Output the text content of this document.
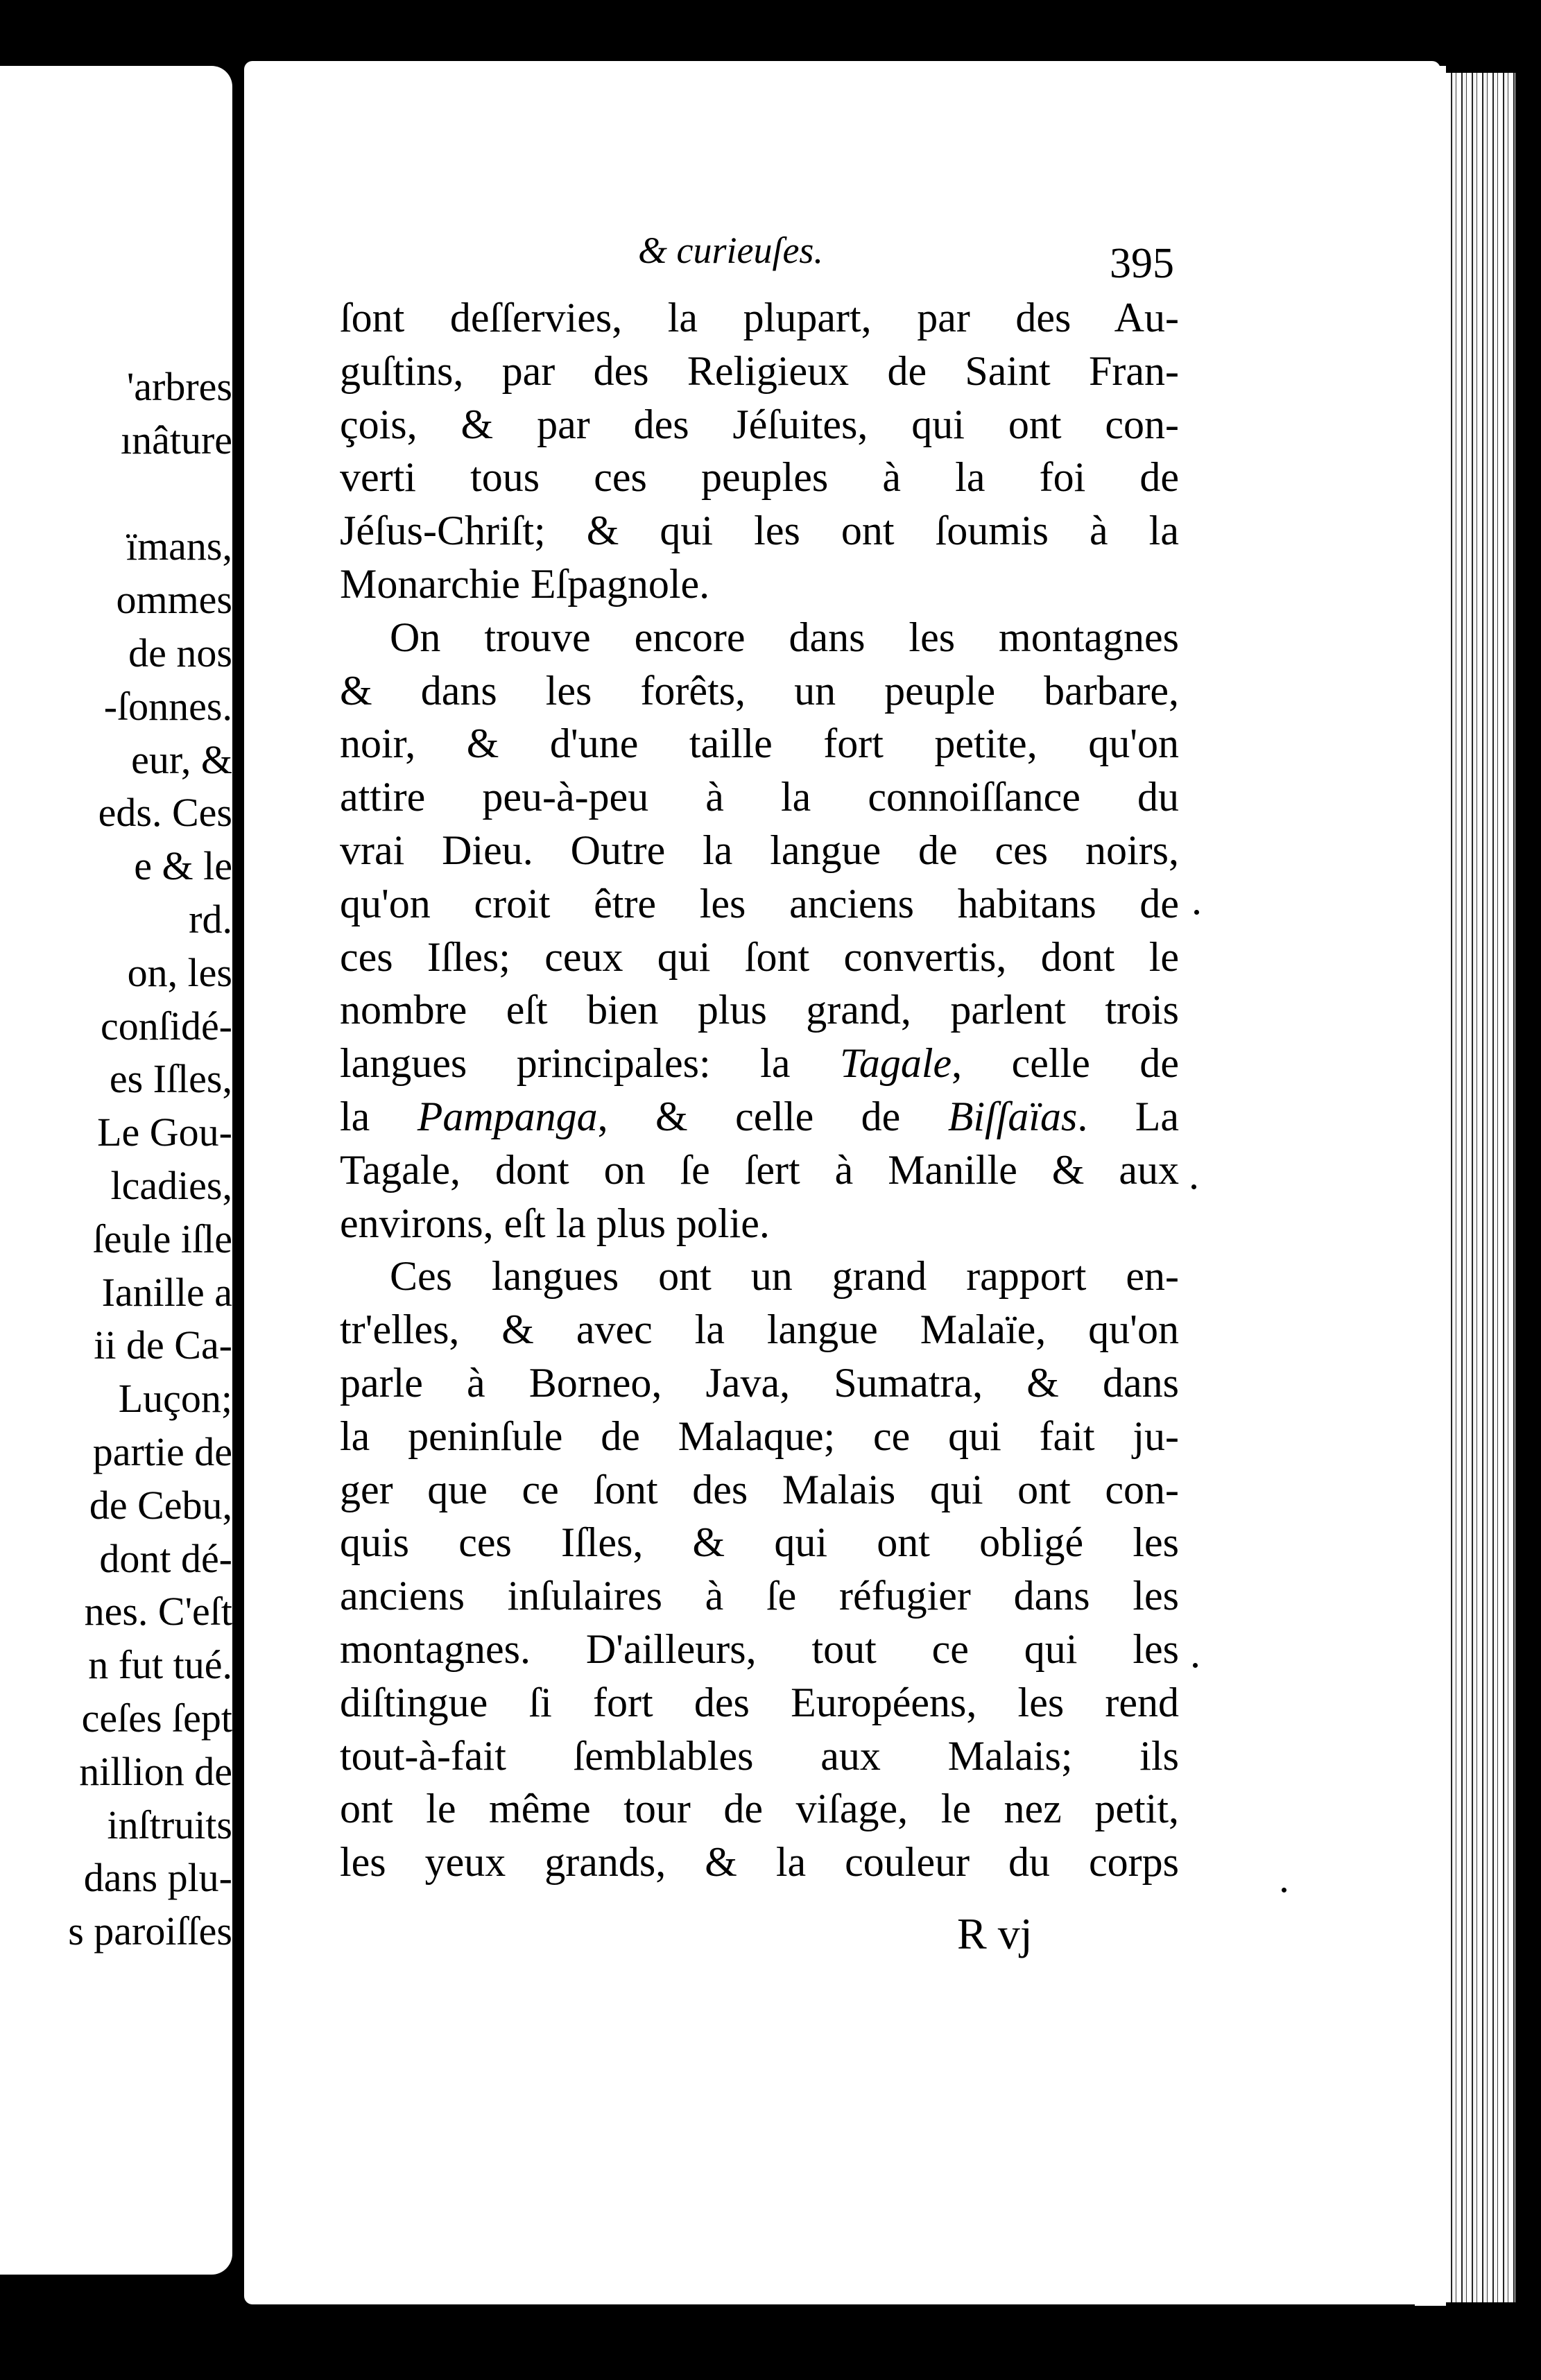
'arbres
ınâture
ïmans,
ommes
de nos
-ſonnes.
eur, &
eds. Ces
e & le
rd.
on, les
conſidé-
es Iſles,
Le Gou-
lcadies,
ſeule iſle
Ianille a
ii de Ca-
Luçon;
partie de
de Cebu,
dont dé-
nes. C'eſt
n fut tué.
ceſes ſept
nillion de
inſtruits
dans plu-
s paroiſſes
& curieuſes.	395
ſont deſſervies, la plupart, par des Au-
guſtins, par des Religieux de Saint Fran-
çois, & par des Jéſuites, qui ont con-
verti tous ces peuples à la foi de
Jéſus-Chriſt; & qui les ont ſoumis à la
Monarchie Eſpagnole.
On trouve encore dans les montagnes
& dans les forêts, un peuple barbare,
noir, & d'une taille fort petite, qu'on
attire peu-à-peu à la connoiſſance du
vrai Dieu. Outre la langue de ces noirs,
qu'on croit être les anciens habitans de
ces Iſles; ceux qui ſont convertis, dont le
nombre eſt bien plus grand, parlent trois
langues principales: la Tagale, celle de
la Pampanga, & celle de Biſſaïas. La
Tagale, dont on ſe ſert à Manille & aux
environs, eſt la plus polie.
Ces langues ont un grand rapport en-
tr'elles, & avec la langue Malaïe, qu'on
parle à Borneo, Java, Sumatra, & dans
la peninſule de Malaque; ce qui fait ju-
ger que ce ſont des Malais qui ont con-
quis ces Iſles, & qui ont obligé les
anciens inſulaires à ſe réfugier dans les
montagnes. D'ailleurs, tout ce qui les
diſtingue ſi fort des Européens, les rend
tout-à-fait ſemblables aux Malais; ils
ont le même tour de viſage, le nez petit,
les yeux grands, & la couleur du corps
R vj
